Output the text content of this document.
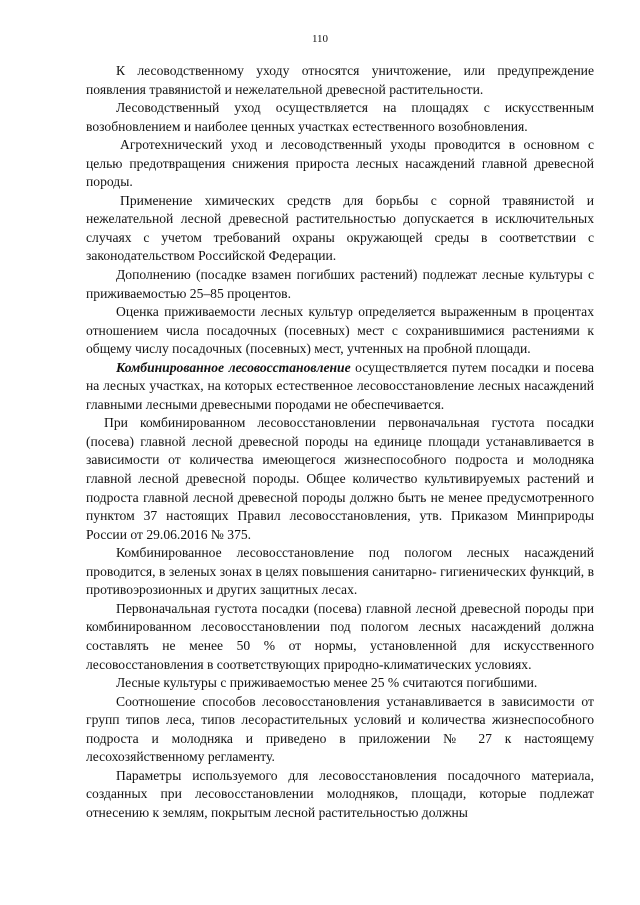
110

К лесоводственному уходу относятся уничтожение, или предупреждение появления травянистой и нежелательной древесной растительности.

Лесоводственный уход осуществляется на площадях с искусственным возобновлением и наиболее ценных участках естественного возобновления.

Агротехнический уход и лесоводственный уходы проводится в основном с целью предотвращения снижения прироста лесных насаждений главной древесной породы.

Применение химических средств для борьбы с сорной травянистой и нежелательной лесной древесной растительностью допускается в исключительных случаях с учетом требований охраны окружающей среды в соответствии с законодательством Российской Федерации.

Дополнению (посадке взамен погибших растений) подлежат лесные культуры с приживаемостью 25–85 процентов.

Оценка приживаемости лесных культур определяется выраженным в процентах отношением числа посадочных (посевных) мест с сохранившимися растениями к общему числу посадочных (посевных) мест, учтенных на пробной площади.

Комбинированное лесовосстановление осуществляется путем посадки и посева на лесных участках, на которых естественное лесовосстановление лесных насаждений главными лесными древесными породами не обеспечивается.

При комбинированном лесовосстановлении первоначальная густота посадки (посева) главной лесной древесной породы на единице площади устанавливается в зависимости от количества имеющегося жизнеспособного подроста и молодняка главной лесной древесной породы. Общее количество культивируемых растений и подроста главной лесной древесной породы должно быть не менее предусмотренного пунктом 37 настоящих Правил лесовосстановления, утв. Приказом Минприроды России от 29.06.2016 № 375.

Комбинированное лесовосстановление под пологом лесных насаждений проводится, в зеленых зонах в целях повышения санитарно- гигиенических функций, в противоэрозионных и других защитных лесах.

Первоначальная густота посадки (посева) главной лесной древесной породы при комбинированном лесовосстановлении под пологом лесных насаждений должна составлять не менее 50 % от нормы, установленной для искусственного лесовосстановления в соответствующих природно-климатических условиях.

Лесные культуры с приживаемостью менее 25 % считаются погибшими.

Соотношение способов лесовосстановления устанавливается в зависимости от групп типов леса, типов лесорастительных условий и количества жизнеспособного подроста и молодняка и приведено в приложении № 27 к настоящему лесохозяйственному регламенту.

Параметры используемого для лесовосстановления посадочного материала, созданных при лесовосстановлении молодняков, площади, которые подлежат отнесению к землям, покрытым лесной растительностью должны
